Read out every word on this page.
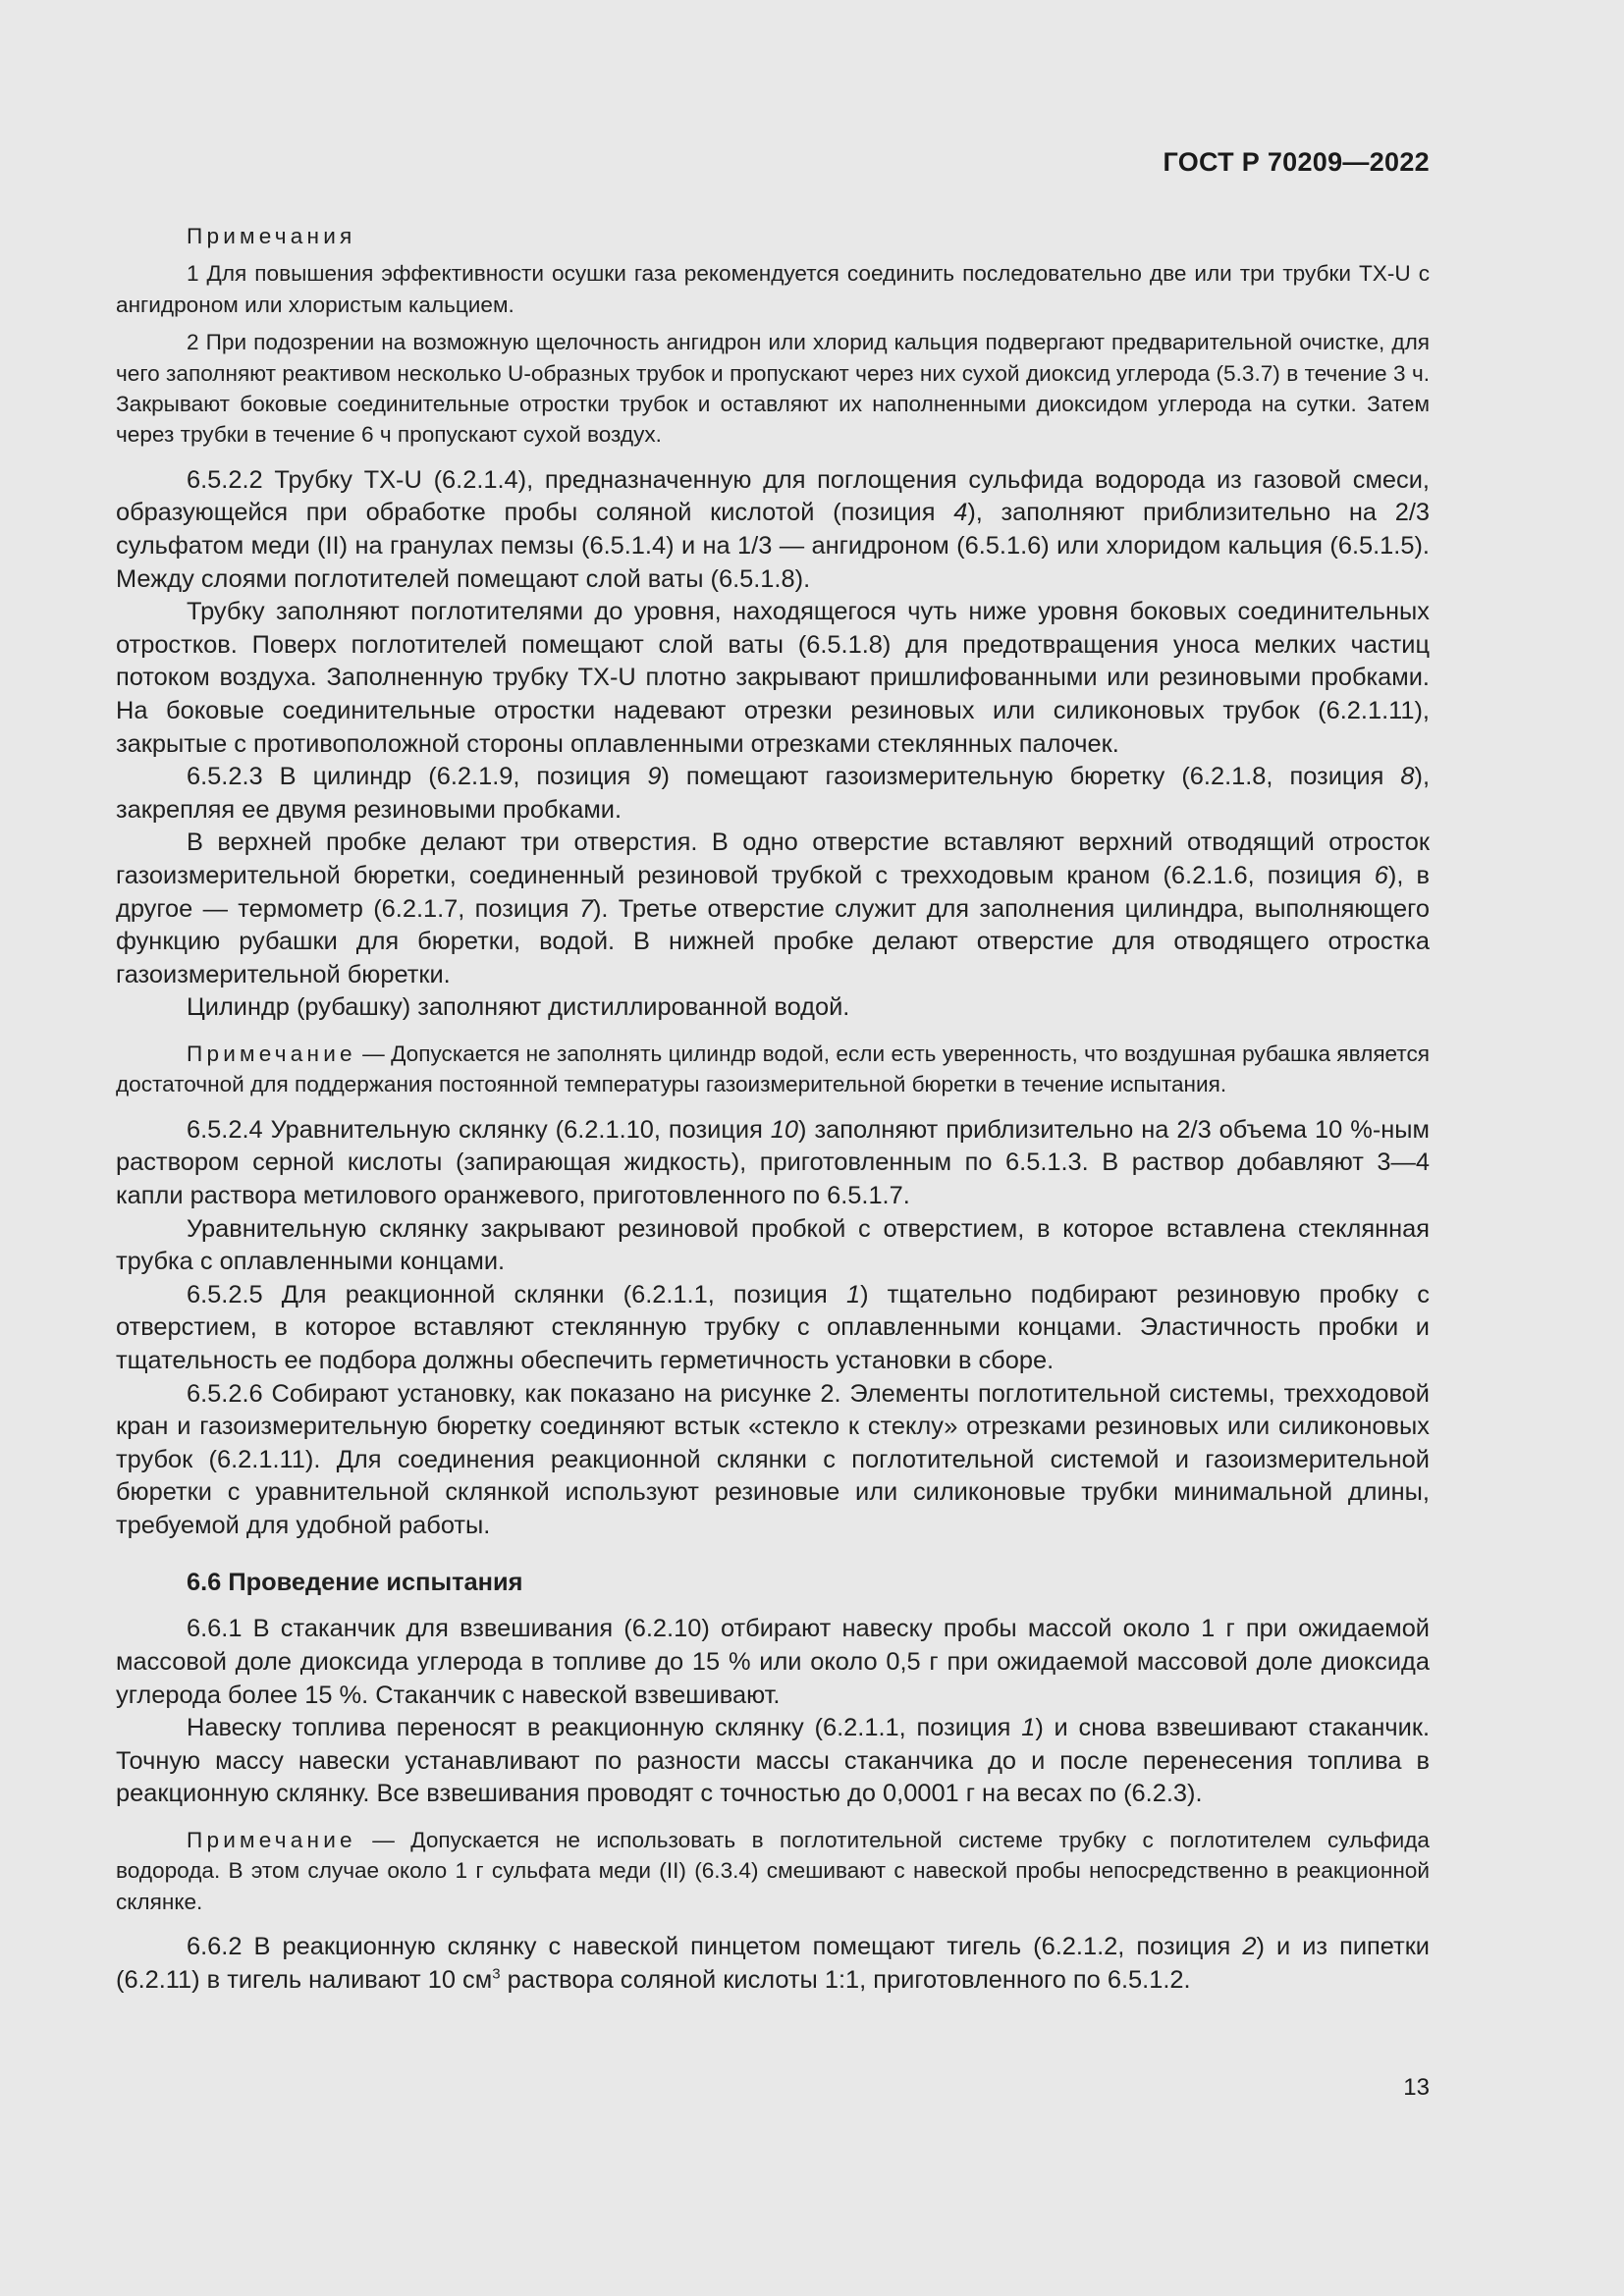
ГОСТ Р 70209—2022

Примечания

1 Для повышения эффективности осушки газа рекомендуется соединить последовательно две или три трубки TX-U с ангидроном или хлористым кальцием.

2 При подозрении на возможную щелочность ангидрон или хлорид кальция подвергают предварительной очистке, для чего заполняют реактивом несколько U-образных трубок и пропускают через них сухой диоксид углерода (5.3.7) в течение 3 ч. Закрывают боковые соединительные отростки трубок и оставляют их наполненными диоксидом углерода на сутки. Затем через трубки в течение 6 ч пропускают сухой воздух.

6.5.2.2 Трубку TX-U (6.2.1.4), предназначенную для поглощения сульфида водорода из газовой смеси, образующейся при обработке пробы соляной кислотой (позиция 4), заполняют приблизительно на 2/3 сульфатом меди (II) на гранулах пемзы (6.5.1.4) и на 1/3 — ангидроном (6.5.1.6) или хлоридом кальция (6.5.1.5). Между слоями поглотителей помещают слой ваты (6.5.1.8).

Трубку заполняют поглотителями до уровня, находящегося чуть ниже уровня боковых соединительных отростков. Поверх поглотителей помещают слой ваты (6.5.1.8) для предотвращения уноса мелких частиц потоком воздуха. Заполненную трубку TX-U плотно закрывают пришлифованными или резиновыми пробками. На боковые соединительные отростки надевают отрезки резиновых или силиконовых трубок (6.2.1.11), закрытые с противоположной стороны оплавленными отрезками стеклянных палочек.

6.5.2.3 В цилиндр (6.2.1.9, позиция 9) помещают газоизмерительную бюретку (6.2.1.8, позиция 8), закрепляя ее двумя резиновыми пробками.

В верхней пробке делают три отверстия. В одно отверстие вставляют верхний отводящий отросток газоизмерительной бюретки, соединенный резиновой трубкой с трехходовым краном (6.2.1.6, позиция 6), в другое — термометр (6.2.1.7, позиция 7). Третье отверстие служит для заполнения цилиндра, выполняющего функцию рубашки для бюретки, водой. В нижней пробке делают отверстие для отводящего отростка газоизмерительной бюретки.

Цилиндр (рубашку) заполняют дистиллированной водой.

Примечание — Допускается не заполнять цилиндр водой, если есть уверенность, что воздушная рубашка является достаточной для поддержания постоянной температуры газоизмерительной бюретки в течение испытания.

6.5.2.4 Уравнительную склянку (6.2.1.10, позиция 10) заполняют приблизительно на 2/3 объема 10 %-ным раствором серной кислоты (запирающая жидкость), приготовленным по 6.5.1.3. В раствор добавляют 3—4 капли раствора метилового оранжевого, приготовленного по 6.5.1.7.

Уравнительную склянку закрывают резиновой пробкой с отверстием, в которое вставлена стеклянная трубка с оплавленными концами.

6.5.2.5 Для реакционной склянки (6.2.1.1, позиция 1) тщательно подбирают резиновую пробку с отверстием, в которое вставляют стеклянную трубку с оплавленными концами. Эластичность пробки и тщательность ее подбора должны обеспечить герметичность установки в сборе.

6.5.2.6 Собирают установку, как показано на рисунке 2. Элементы поглотительной системы, трехходовой кран и газоизмерительную бюретку соединяют встык «стекло к стеклу» отрезками резиновых или силиконовых трубок (6.2.1.11). Для соединения реакционной склянки с поглотительной системой и газоизмерительной бюретки с уравнительной склянкой используют резиновые или силиконовые трубки минимальной длины, требуемой для удобной работы.

6.6 Проведение испытания

6.6.1 В стаканчик для взвешивания (6.2.10) отбирают навеску пробы массой около 1 г при ожидаемой массовой доле диоксида углерода в топливе до 15 % или около 0,5 г при ожидаемой массовой доле диоксида углерода более 15 %. Стаканчик с навеской взвешивают.

Навеску топлива переносят в реакционную склянку (6.2.1.1, позиция 1) и снова взвешивают стаканчик. Точную массу навески устанавливают по разности массы стаканчика до и после перенесения топлива в реакционную склянку. Все взвешивания проводят с точностью до 0,0001 г на весах по (6.2.3).

Примечание — Допускается не использовать в поглотительной системе трубку с поглотителем сульфида водорода. В этом случае около 1 г сульфата меди (II) (6.3.4) смешивают с навеской пробы непосредственно в реакционной склянке.

6.6.2 В реакционную склянку с навеской пинцетом помещают тигель (6.2.1.2, позиция 2) и из пипетки (6.2.11) в тигель наливают 10 $см^3$ раствора соляной кислоты 1:1, приготовленного по 6.5.1.2.

13
